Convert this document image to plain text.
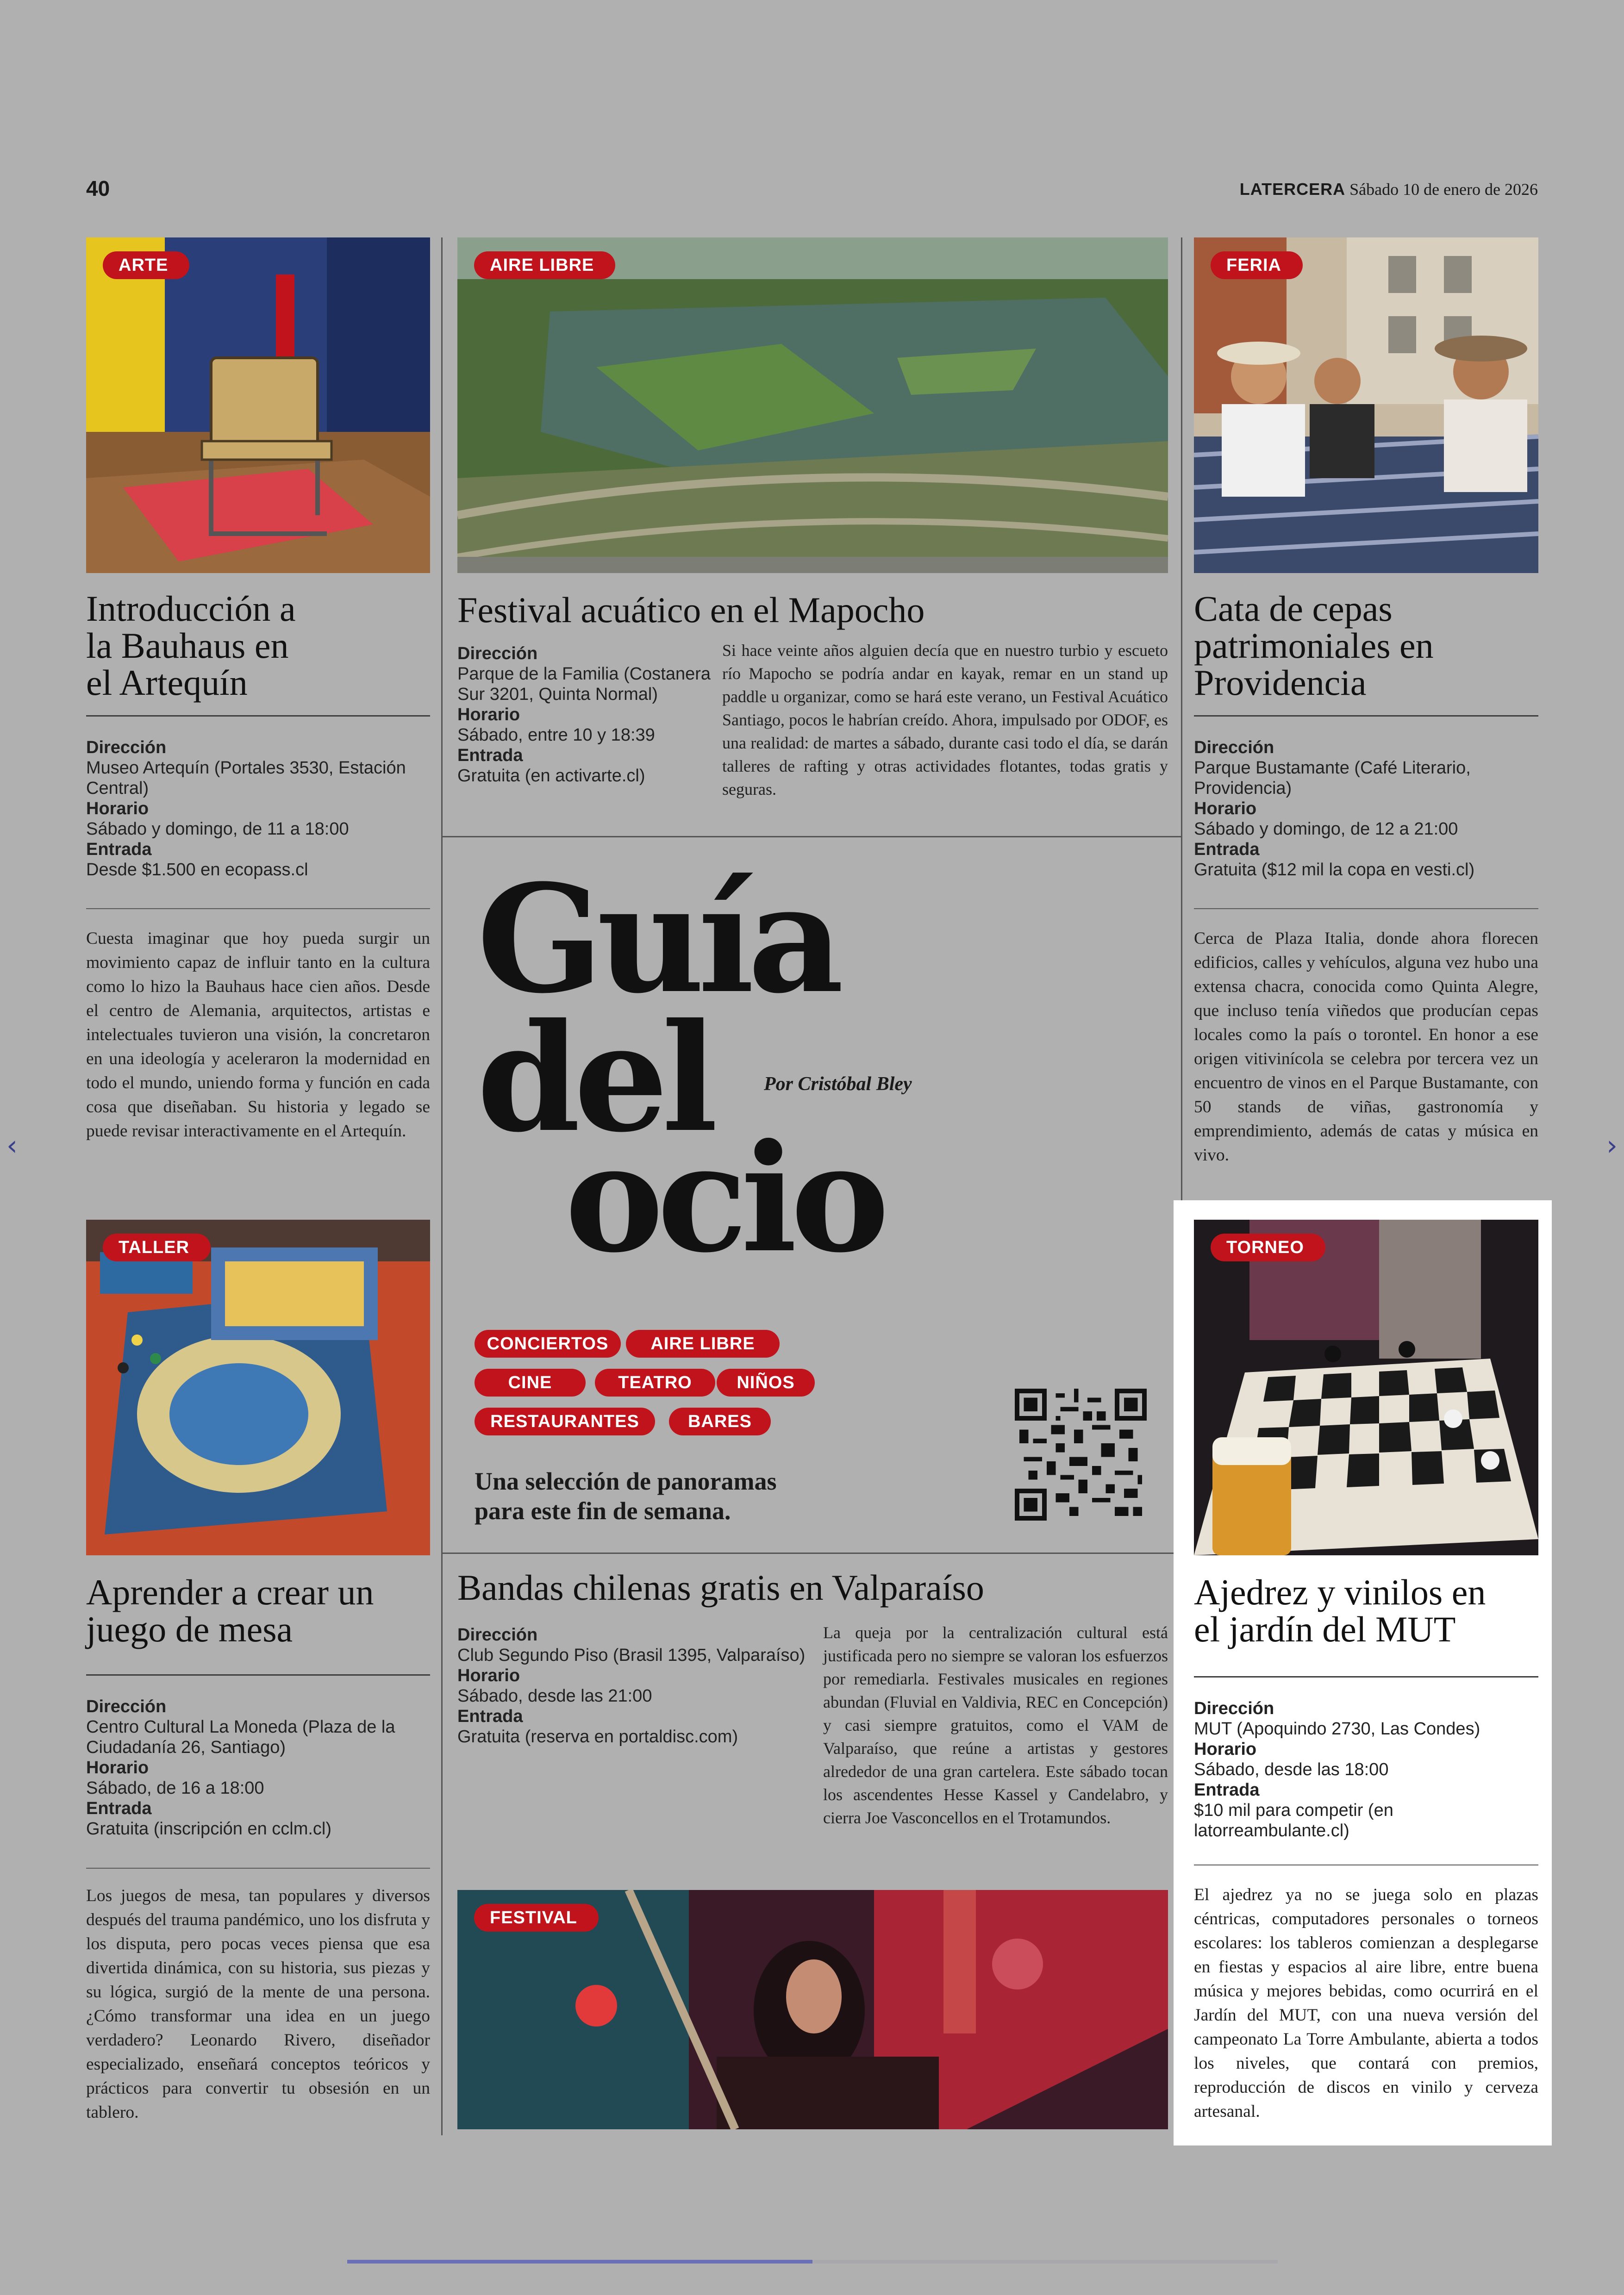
40	LATERCERA Sábado 10 de enero de 2026
‹	›
ARTE
Introducción a
la Bauhaus en
el Artequín
Dirección
Museo Artequín (Portales 3530, Estación Central)
Horario
Sábado y domingo, de 11 a 18:00
Entrada
Desde $1.500 en ecopass.cl
Cuesta imaginar que hoy pueda surgir un movimiento capaz de influir tanto en la cultura como lo hizo la Bauhaus hace cien años. Desde el centro de Alemania, arquitectos, artistas e intelectuales tuvieron una visión, la concretaron en una ideología y aceleraron la modernidad en todo el mundo, uniendo forma y función en cada cosa que diseñaban. Su historia y legado se puede revisar interactivamente en el Artequín.
AIRE LIBRE
Festival acuático en el Mapocho
Dirección
Parque de la Familia (Costanera Sur 3201, Quinta Normal)
Horario
Sábado, entre 10 y 18:39
Entrada
Gratuita (en activarte.cl)
Si hace veinte años alguien decía que en nuestro turbio y escueto río Mapocho se podría andar en kayak, remar en un stand up paddle u organizar, como se hará este verano, un Festival Acuático Santiago, pocos le habrían creído. Ahora, impulsado por ODOF, es una realidad: de martes a sábado, durante casi todo el día, se darán talleres de rafting y otras actividades flotantes, todas gratis y seguras.
FERIA
Cata de cepas
patrimoniales en
Providencia
Dirección
Parque Bustamante (Café Literario, Providencia)
Horario
Sábado y domingo, de 12 a 21:00
Entrada
Gratuita ($12 mil la copa en vesti.cl)
Cerca de Plaza Italia, donde ahora florecen edificios, calles y vehículos, alguna vez hubo una extensa chacra, conocida como Quinta Alegre, que incluso tenía viñedos que producían cepas locales como la país o torontel. En honor a ese origen vitivinícola se celebra por tercera vez un encuentro de vinos en el Parque Bustamante, con 50 stands de viñas, gastronomía y emprendimiento, además de catas y música en vivo.
Guía
del
ocio
Por Cristóbal Bley
CONCIERTOS	AIRE LIBRE
CINE	TEATRO	NIÑOS
RESTAURANTES	BARES
Una selección de panoramas
para este fin de semana.
TALLER
Aprender a crear un
juego de mesa
Dirección
Centro Cultural La Moneda (Plaza de la Ciudadanía 26, Santiago)
Horario
Sábado, de 16 a 18:00
Entrada
Gratuita (inscripción en cclm.cl)
Los juegos de mesa, tan populares y diversos después del trauma pandémico, uno los disfruta y los disputa, pero pocas veces piensa que esa divertida dinámica, con su historia, sus piezas y su lógica, surgió de la mente de una persona. ¿Cómo transformar una idea en un juego verdadero? Leonardo Rivero, diseñador especializado, enseñará conceptos teóricos y prácticos para convertir tu obsesión en un tablero.
Bandas chilenas gratis en Valparaíso
Dirección
Club Segundo Piso (Brasil 1395, Valparaíso)
Horario
Sábado, desde las 21:00
Entrada
Gratuita (reserva en portaldisc.com)
La queja por la centralización cultural está justificada pero no siempre se valoran los esfuerzos por remediarla. Festivales musicales en regiones abundan (Fluvial en Valdivia, REC en Concepción) y casi siempre gratuitos, como el VAM de Valparaíso, que reúne a artistas y gestores alrededor de una gran cartelera. Este sábado tocan los ascendentes Hesse Kassel y Candelabro, y cierra Joe Vasconcellos en el Trotamundos.
FESTIVAL
TORNEO
Ajedrez y vinilos en
el jardín del MUT
Dirección
MUT (Apoquindo 2730, Las Condes)
Horario
Sábado, desde las 18:00
Entrada
$10 mil para competir (en latorreambulante.cl)
El ajedrez ya no se juega solo en plazas céntricas, computadores personales o torneos escolares: los tableros comienzan a desplegarse en fiestas y espacios al aire libre, entre buena música y mejores bebidas, como ocurrirá en el Jardín del MUT, con una nueva versión del campeonato La Torre Ambulante, abierta a todos los niveles, que contará con premios, reproducción de discos en vinilo y cerveza artesanal.
